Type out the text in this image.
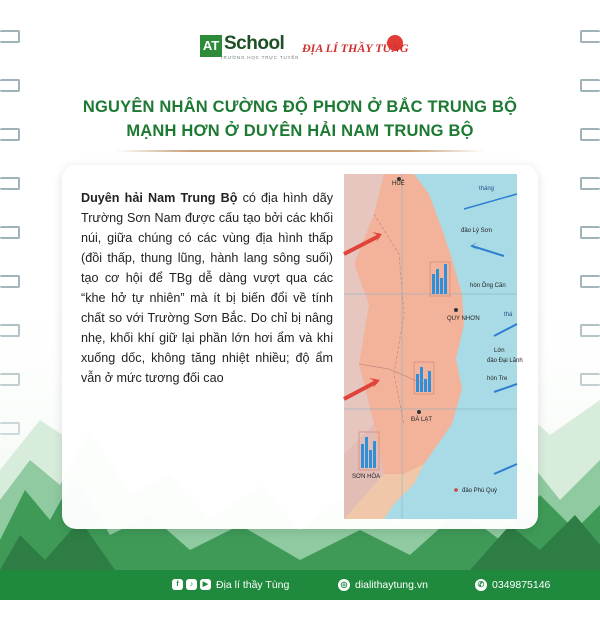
AT School
TRƯỜNG HỌC TRỰC TUYẾN
ĐỊA LÍ THẦY TÙNG
NGUYÊN NHÂN CƯỜNG ĐỘ PHƠN Ở BẮC TRUNG BỘ
MẠNH HƠN Ở DUYÊN HẢI NAM TRUNG BỘ
Duyên hải Nam Trung Bộ có địa hình dãy Trường Sơn Nam được cấu tạo bởi các khối núi, giữa chúng có các vùng địa hình thấp (đồi thấp, thung lũng, hành lang sông suối) tạo cơ hội để TBg dễ dàng vượt qua các “khe hở tự nhiên” mà ít bị biến đổi về tính chất so với Trường Sơn Bắc. Do chỉ bị nâng nhẹ, khối khí giữ lại phần lớn hơi ẩm và khi xuống dốc, không tăng nhiệt nhiều; độ ẩm vẫn ở mức tương đối cao
HUẾ
tháng
đảo Lý Sơn
hòn Ông Căn
QUY NHƠN
thá
Lớn
đảo Đại Lãnh
hòn Tre
ĐÀ LẠT
SƠN HÒA
đảo Phú Quý
f ♪ ▶ Địa lí thầy Tùng	◎ dialithaytung.vn	✆ 0349875146
